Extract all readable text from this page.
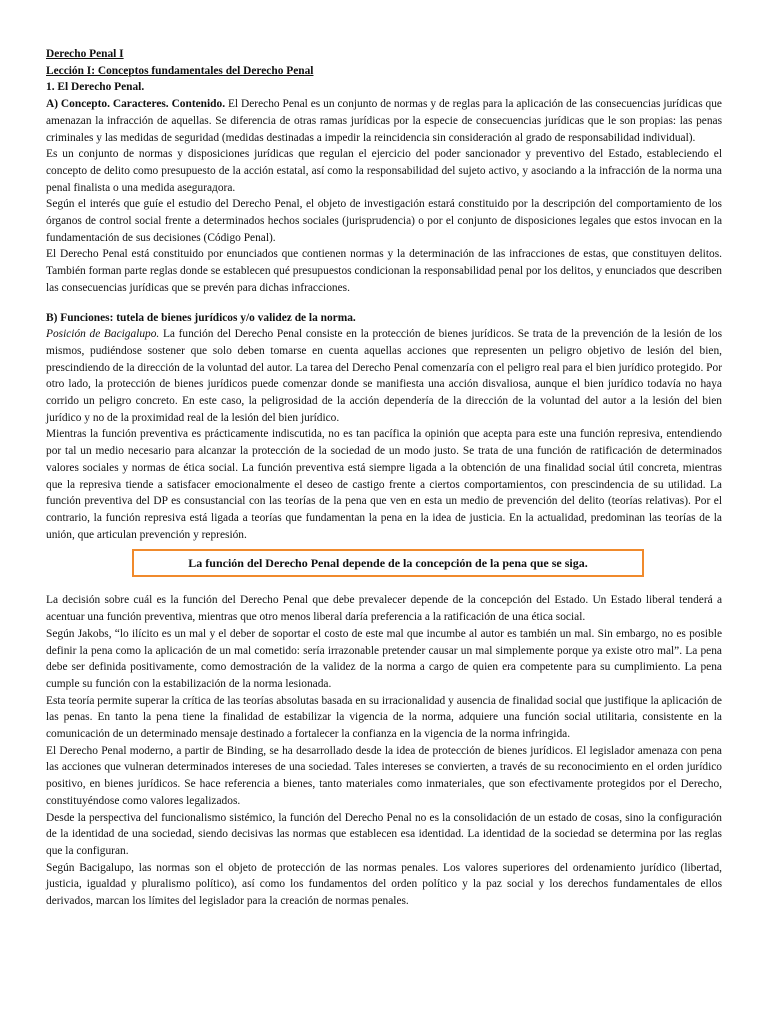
Derecho Penal I

Lección I: Conceptos fundamentales del Derecho Penal

1. El Derecho Penal.

A) Concepto. Caracteres. Contenido. El Derecho Penal es un conjunto de normas y de reglas para la aplicación de las consecuencias jurídicas que amenazan la infracción de aquellas. Se diferencia de otras ramas jurídicas por la especie de consecuencias jurídicas que le son propias: las penas criminales y las medidas de seguridad (medidas destinadas a impedir la reincidencia sin consideración al grado de responsabilidad individual).

Es un conjunto de normas y disposiciones jurídicas que regulan el ejercicio del poder sancionador y preventivo del Estado, estableciendo el concepto de delito como presupuesto de la acción estatal, así como la responsabilidad del sujeto activo, y asociando a la infracción de la norma una penal finalista o una medida asegurадora.

Según el interés que guíe el estudio del Derecho Penal, el objeto de investigación estará constituido por la descripción del comportamiento de los órganos de control social frente a determinados hechos sociales (jurisprudencia) o por el conjunto de disposiciones legales que estos invocan en la fundamentación de sus decisiones (Código Penal).

El Derecho Penal está constituido por enunciados que contienen normas y la determinación de las infracciones de estas, que constituyen delitos. También forman parte reglas donde se establecen qué presupuestos condicionan la responsabilidad penal por los delitos, y enunciados que describen las consecuencias jurídicas que se prevén para dichas infracciones.

B) Funciones: tutela de bienes jurídicos y/o validez de la norma.

Posición de Bacigalupo. La función del Derecho Penal consiste en la protección de bienes jurídicos. Se trata de la prevención de la lesión de los mismos, pudiéndose sostener que solo deben tomarse en cuenta aquellas acciones que representen un peligro objetivo de lesión del bien, prescindiendo de la dirección de la voluntad del autor. La tarea del Derecho Penal comenzaría con el peligro real para el bien jurídico protegido. Por otro lado, la protección de bienes jurídicos puede comenzar donde se manifiesta una acción disvaliosa, aunque el bien jurídico todavía no haya corrido un peligro concreto. En este caso, la peligrosidad de la acción dependería de la dirección de la voluntad del autor a la lesión del bien jurídico y no de la proximidad real de la lesión del bien jurídico.

Mientras la función preventiva es prácticamente indiscutida, no es tan pacífica la opinión que acepta para este una función represiva, entendiendo por tal un medio necesario para alcanzar la protección de la sociedad de un modo justo. Se trata de una función de ratificación de determinados valores sociales y normas de ética social. La función preventiva está siempre ligada a la obtención de una finalidad social útil concreta, mientras que la represiva tiende a satisfacer emocionalmente el deseo de castigo frente a ciertos comportamientos, con prescindencia de su utilidad. La función preventiva del DP es consustancial con las teorías de la pena que ven en esta un medio de prevención del delito (teorías relativas). Por el contrario, la función represiva está ligada a teorías que fundamentan la pena en la idea de justicia. En la actualidad, predominan las teorías de la unión, que articulan prevención y represión.

La función del Derecho Penal depende de la concepción de la pena que se siga.

La decisión sobre cuál es la función del Derecho Penal que debe prevalecer depende de la concepción del Estado. Un Estado liberal tenderá a acentuar una función preventiva, mientras que otro menos liberal daría preferencia a la ratificación de una ética social.

Según Jakobs, “lo ilícito es un mal y el deber de soportar el costo de este mal que incumbe al autor es también un mal. Sin embargo, no es posible definir la pena como la aplicación de un mal cometido: sería irrazonable pretender causar un mal simplemente porque ya existe otro mal”. La pena debe ser definida positivamente, como demostración de la validez de la norma a cargo de quien era competente para su cumplimiento. La pena cumple su función con la estabilización de la norma lesionada.

Esta teoría permite superar la crítica de las teorías absolutas basada en su irracionalidad y ausencia de finalidad social que justifique la aplicación de las penas. En tanto la pena tiene la finalidad de estabilizar la vigencia de la norma, adquiere una función social utilitaria, consistente en la comunicación de un determinado mensaje destinado a fortalecer la confianza en la vigencia de la norma infringida.

El Derecho Penal moderno, a partir de Binding, se ha desarrollado desde la idea de protección de bienes jurídicos. El legislador amenaza con pena las acciones que vulneran determinados intereses de una sociedad. Tales intereses se convierten, a través de su reconocimiento en el orden jurídico positivo, en bienes jurídicos. Se hace referencia a bienes, tanto materiales como inmateriales, que son efectivamente protegidos por el Derecho, constituyéndose como valores legalizados.

Desde la perspectiva del funcionalismo sistémico, la función del Derecho Penal no es la consolidación de un estado de cosas, sino la configuración de la identidad de una sociedad, siendo decisivas las normas que establecen esa identidad. La identidad de la sociedad se determina por las reglas que la configuran.

Según Bacigalupo, las normas son el objeto de protección de las normas penales. Los valores superiores del ordenamiento jurídico (libertad, justicia, igualdad y pluralismo político), así como los fundamentos del orden político y la paz social y los derechos fundamentales de ellos derivados, marcan los límites del legislador para la creación de normas penales.
